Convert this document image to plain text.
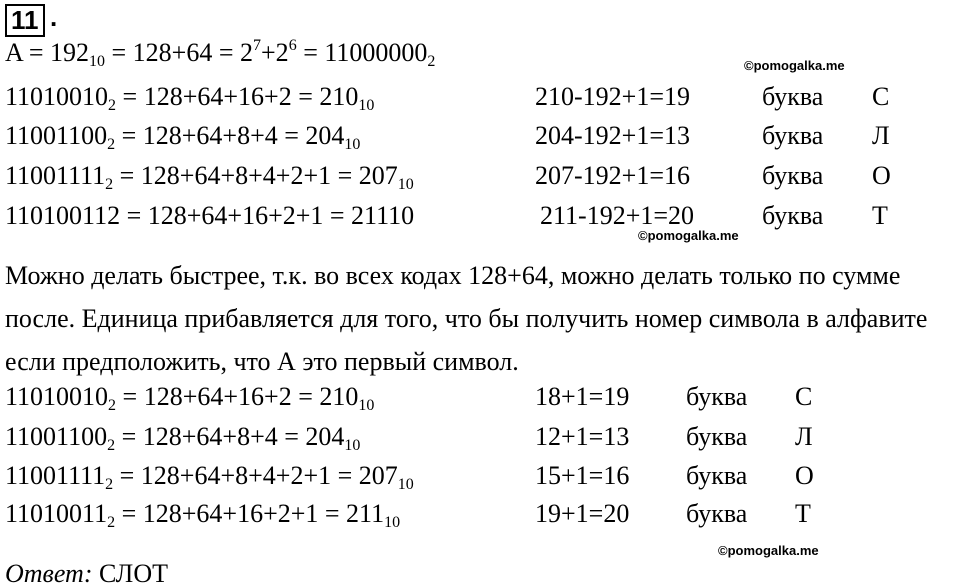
11 .
$A = 192_{10} = 128+64 = 2^7+2^6 = 11000000_2$	©pomogalka.me
$11010010_2 = 128+64+16+2 = 210_{10}$	210-192+1=19	буква С
$11001100_2 = 128+64+8+4 = 204_{10}$	204-192+1=13	буква Л
$11001111_2 = 128+64+8+4+2+1 = 207_{10}$	207-192+1=16	буква О
110100112 = 128+64+16+2+1 = 21110	211-192+1=20	буква Т
©pomogalka.me
Можно делать быстрее, т.к. во всех кодах 128+64, можно делать только по сумме после. Единица прибавляется для того, что бы получить номер символа в алфавите если предположить, что А это первый символ.
$11010010_2 = 128+64+16+2 = 210_{10}$	18+1=19 буква С
$11001100_2 = 128+64+8+4 = 204_{10}$	12+1=13 буква Л
$11001111_2 = 128+64+8+4+2+1 = 207_{10}$	15+1=16 буква О
$11010011_2 = 128+64+16+2+1 = 211_{10}$	19+1=20 буква Т
©pomogalka.me
Ответ: СЛОТ
